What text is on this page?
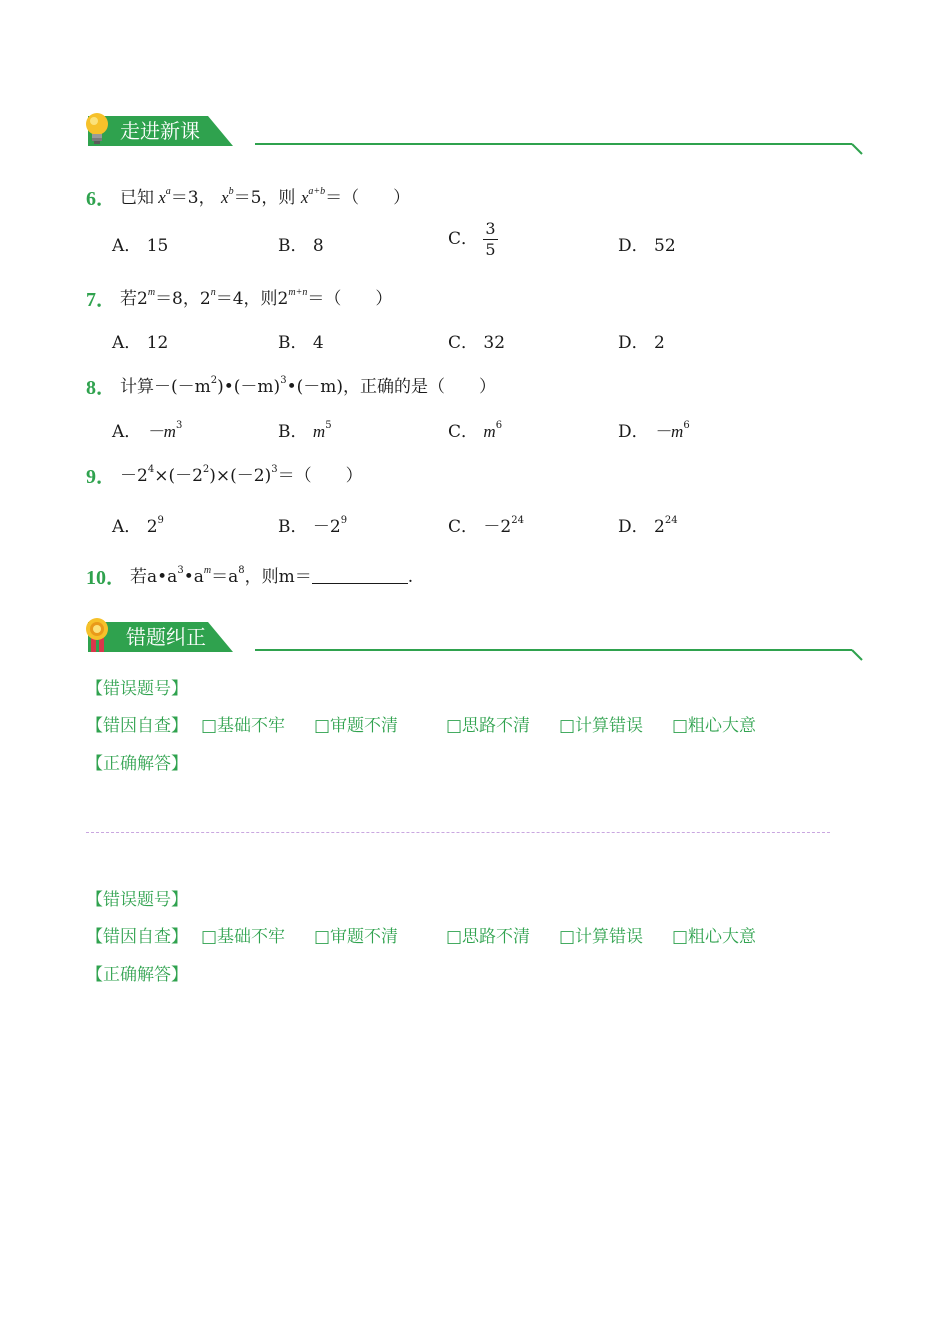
走进新课
6． 已知 $x^a=3$， $x^b=5$，则 $x^{a+b}=$（　　）
A． 15	B． 8	C． $\frac{3}{5}$	D． 52
7． 若$2^m=8$，$2^n=4$，则$2^{m+n}=$（　　）
A． 12	B． 4	C． 32	D． 2
8． 计算$-(-m^2)•(-m)^3•(-m)$，正确的是（　　）
A． $-m^3$	B． $m^5$	C． $m^6$	D． $-m^6$
9． $-2^4\times(-2^2)\times(-2)^3=$（　　）
A． $2^9$	B． $-2^9$	C． $-2^{24}$	D． $2^{24}$
10． 若$a•a^3•a^m=a^8$，则m＝	.
错题纠正
【错误题号】
【错因自查】 □基础不牢 □审题不清	□思路不清 □计算错误 □粗心大意
【正确解答】
【错误题号】
【错因自查】 □基础不牢 □审题不清	□思路不清 □计算错误 □粗心大意
【正确解答】
